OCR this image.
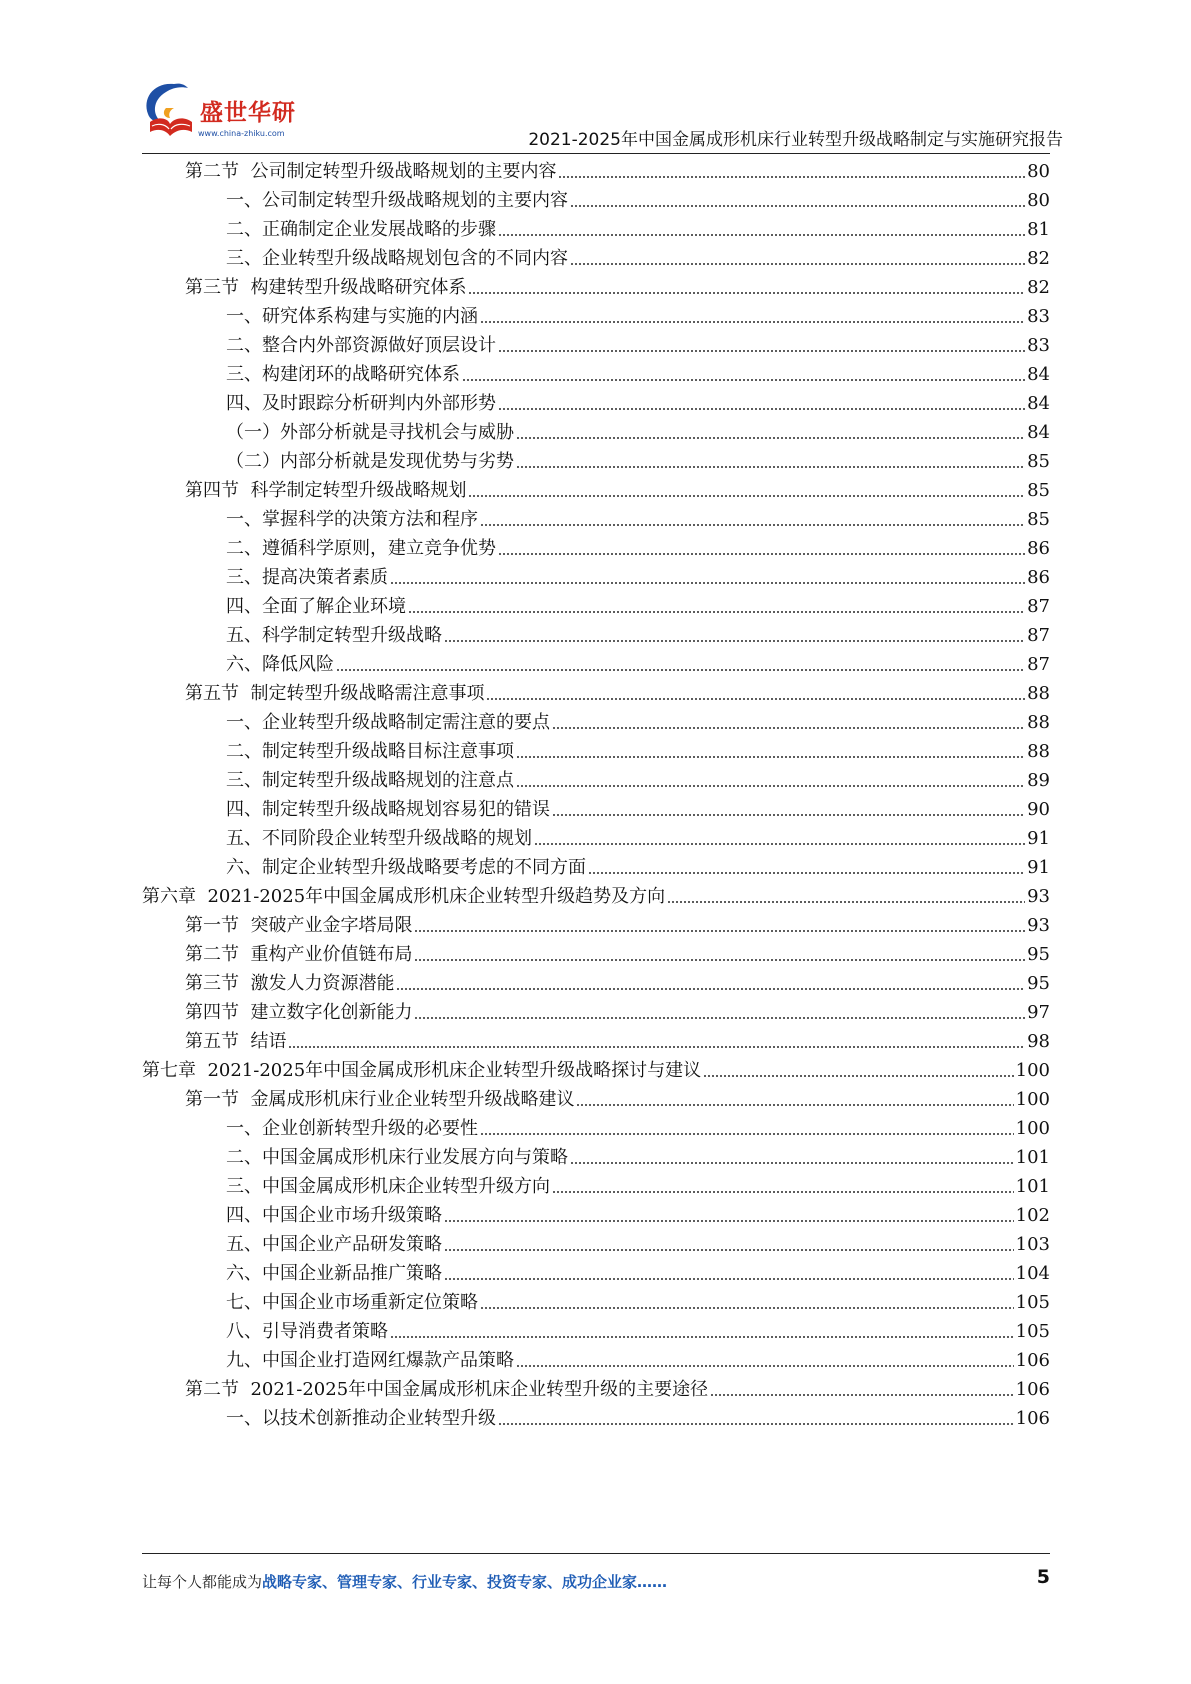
盛世华研
www.china-zhiku.com	2021-2025年中国金属成形机床行业转型升级战略制定与实施研究报告
第二节  公司制定转型升级战略规划的主要内容	80
一、公司制定转型升级战略规划的主要内容	80
二、正确制定企业发展战略的步骤	81
三、企业转型升级战略规划包含的不同内容	82
第三节  构建转型升级战略研究体系	82
一、研究体系构建与实施的内涵	83
二、整合内外部资源做好顶层设计	83
三、构建闭环的战略研究体系	84
四、及时跟踪分析研判内外部形势	84
（一）外部分析就是寻找机会与威胁	84
（二）内部分析就是发现优势与劣势	85
第四节  科学制定转型升级战略规划	85
一、掌握科学的决策方法和程序	85
二、遵循科学原则，建立竞争优势	86
三、提高决策者素质	86
四、全面了解企业环境	87
五、科学制定转型升级战略	87
六、降低风险	87
第五节  制定转型升级战略需注意事项	88
一、企业转型升级战略制定需注意的要点	88
二、制定转型升级战略目标注意事项	88
三、制定转型升级战略规划的注意点	89
四、制定转型升级战略规划容易犯的错误	90
五、不同阶段企业转型升级战略的规划	91
六、制定企业转型升级战略要考虑的不同方面	91
第六章  2021-2025年中国金属成形机床企业转型升级趋势及方向	93
第一节  突破产业金字塔局限	93
第二节  重构产业价值链布局	95
第三节  激发人力资源潜能	95
第四节  建立数字化创新能力	97
第五节  结语	98
第七章  2021-2025年中国金属成形机床企业转型升级战略探讨与建议	100
第一节  金属成形机床行业企业转型升级战略建议	100
一、企业创新转型升级的必要性	100
二、中国金属成形机床行业发展方向与策略	101
三、中国金属成形机床企业转型升级方向	101
四、中国企业市场升级策略	102
五、中国企业产品研发策略	103
六、中国企业新品推广策略	104
七、中国企业市场重新定位策略	105
八、引导消费者策略	105
九、中国企业打造网红爆款产品策略	106
第二节  2021-2025年中国金属成形机床企业转型升级的主要途径	106
一、以技术创新推动企业转型升级	106
让每个人都能成为战略专家、管理专家、行业专家、投资专家、成功企业家……	5
